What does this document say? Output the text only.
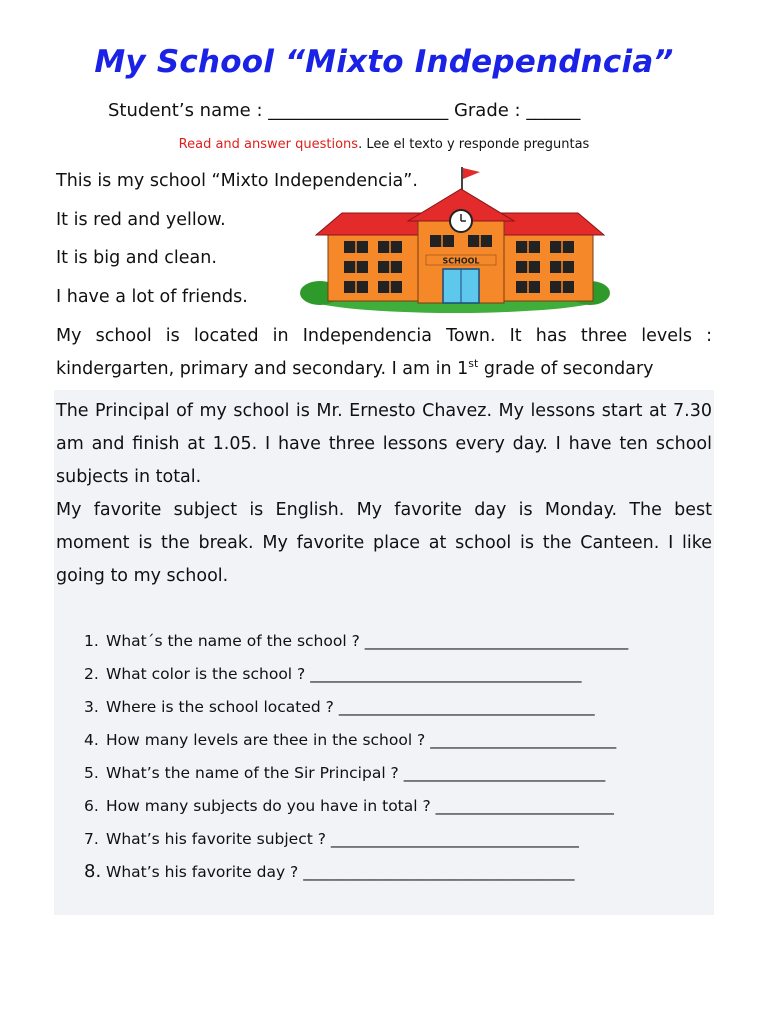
My School “Mixto Independncia”
Student’s name : ____________________ Grade : ______
Read and answer questions. Lee el texto y responde preguntas
This is my school “Mixto Independencia”.
It is red and yellow.
It is big and clean.
I have a lot of friends.
SCHOOL
My school is located in Independencia Town. It has three levels : kindergarten, primary and secondary. I am in 1st grade of secondary

The Principal of my school is Mr. Ernesto Chavez. My lessons start at 7.30 am and finish at 1.05. I have three lessons every day. I have ten school subjects in total.

My favorite subject is English. My favorite day is Monday. The best moment is the break. My favorite place at school is the Canteen. I like going to my school.

1. What´s the name of the school ? __________________________________
2. What color is the school ? ___________________________________
3. Where is the school located ? _________________________________
4. How many levels are thee in the school ? ________________________
5. What’s the name of the Sir Principal ? __________________________
6. How many subjects do you have in total ? _______________________
7. What’s his favorite subject ? ________________________________
8. What’s his favorite day ? ___________________________________
